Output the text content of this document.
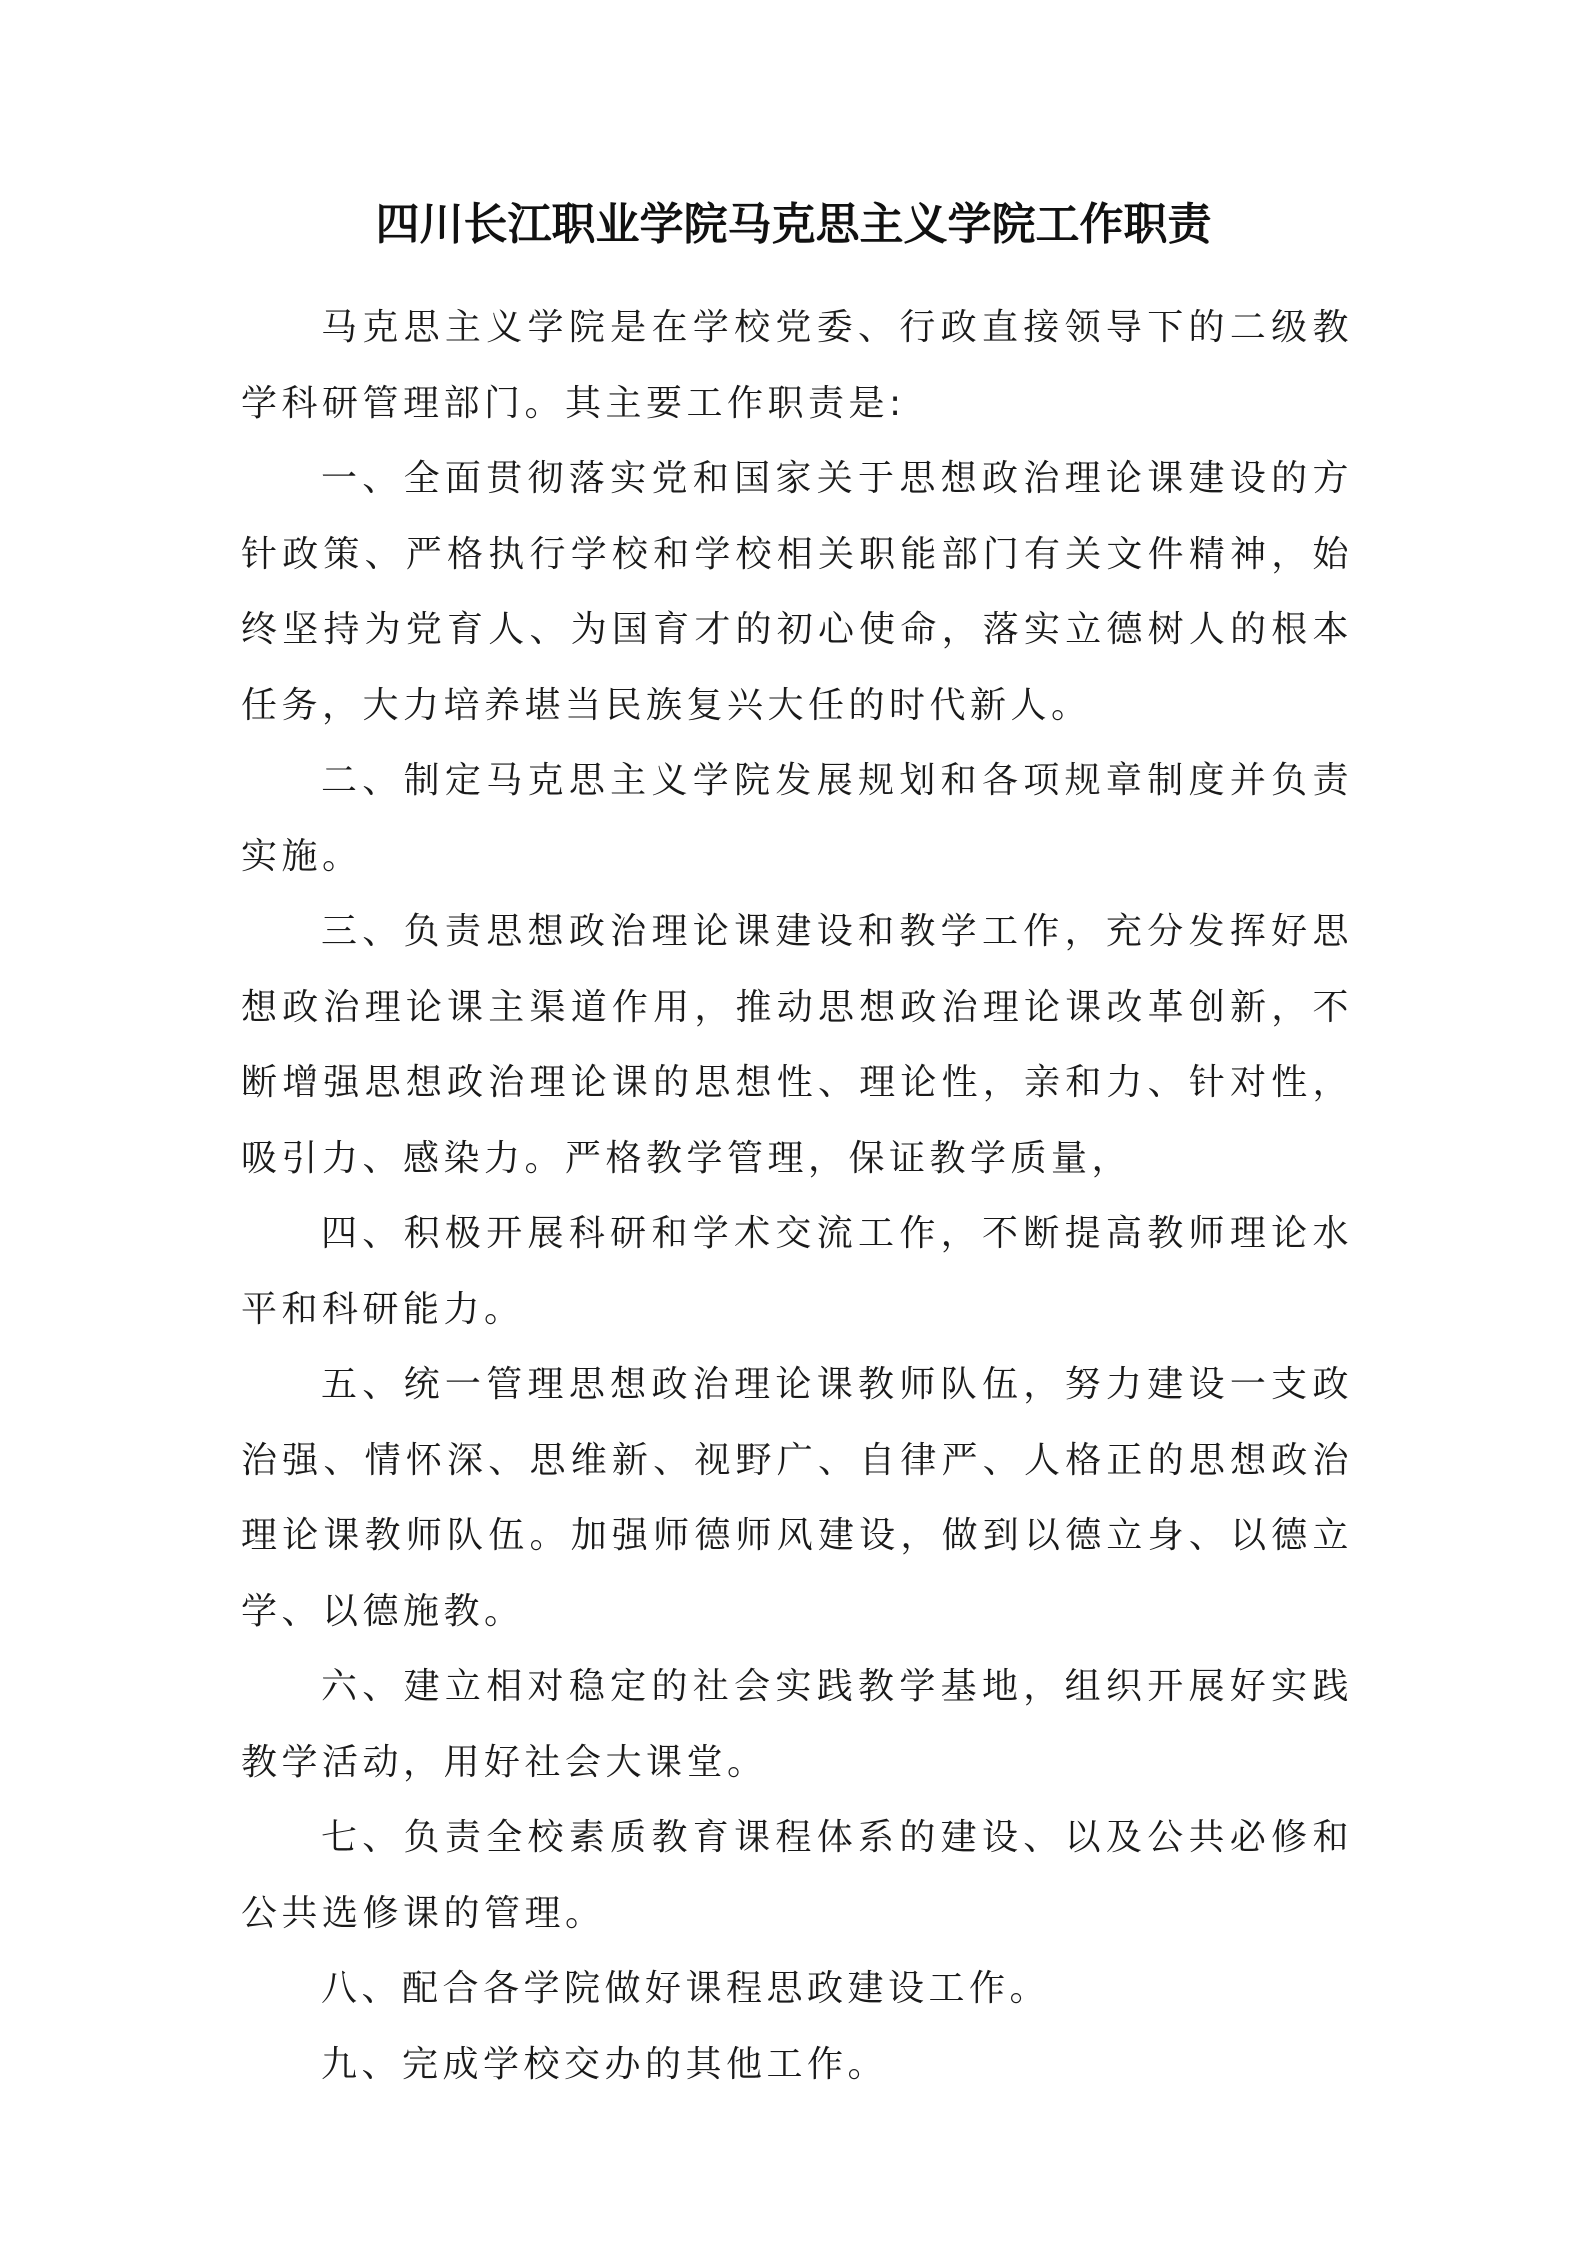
四川长江职业学院马克思主义学院工作职责

马克思主义学院是在学校党委、行政直接领导下的二级教学科研管理部门。其主要工作职责是:

一、全面贯彻落实党和国家关于思想政治理论课建设的方针政策、严格执行学校和学校相关职能部门有关文件精神，始终坚持为党育人、为国育才的初心使命，落实立德树人的根本任务，大力培养堪当民族复兴大任的时代新人。

二、制定马克思主义学院发展规划和各项规章制度并负责实施。

三、负责思想政治理论课建设和教学工作，充分发挥好思想政治理论课主渠道作用，推动思想政治理论课改革创新，不断增强思想政治理论课的思想性、理论性，亲和力、针对性，吸引力、感染力。严格教学管理，保证教学质量，

四、积极开展科研和学术交流工作，不断提高教师理论水平和科研能力。

五、统一管理思想政治理论课教师队伍，努力建设一支政治强、情怀深、思维新、视野广、自律严、人格正的思想政治理论课教师队伍。加强师德师风建设，做到以德立身、以德立学、以德施教。

六、建立相对稳定的社会实践教学基地，组织开展好实践教学活动，用好社会大课堂。

七、负责全校素质教育课程体系的建设、以及公共必修和公共选修课的管理。

八、配合各学院做好课程思政建设工作。

九、完成学校交办的其他工作。
